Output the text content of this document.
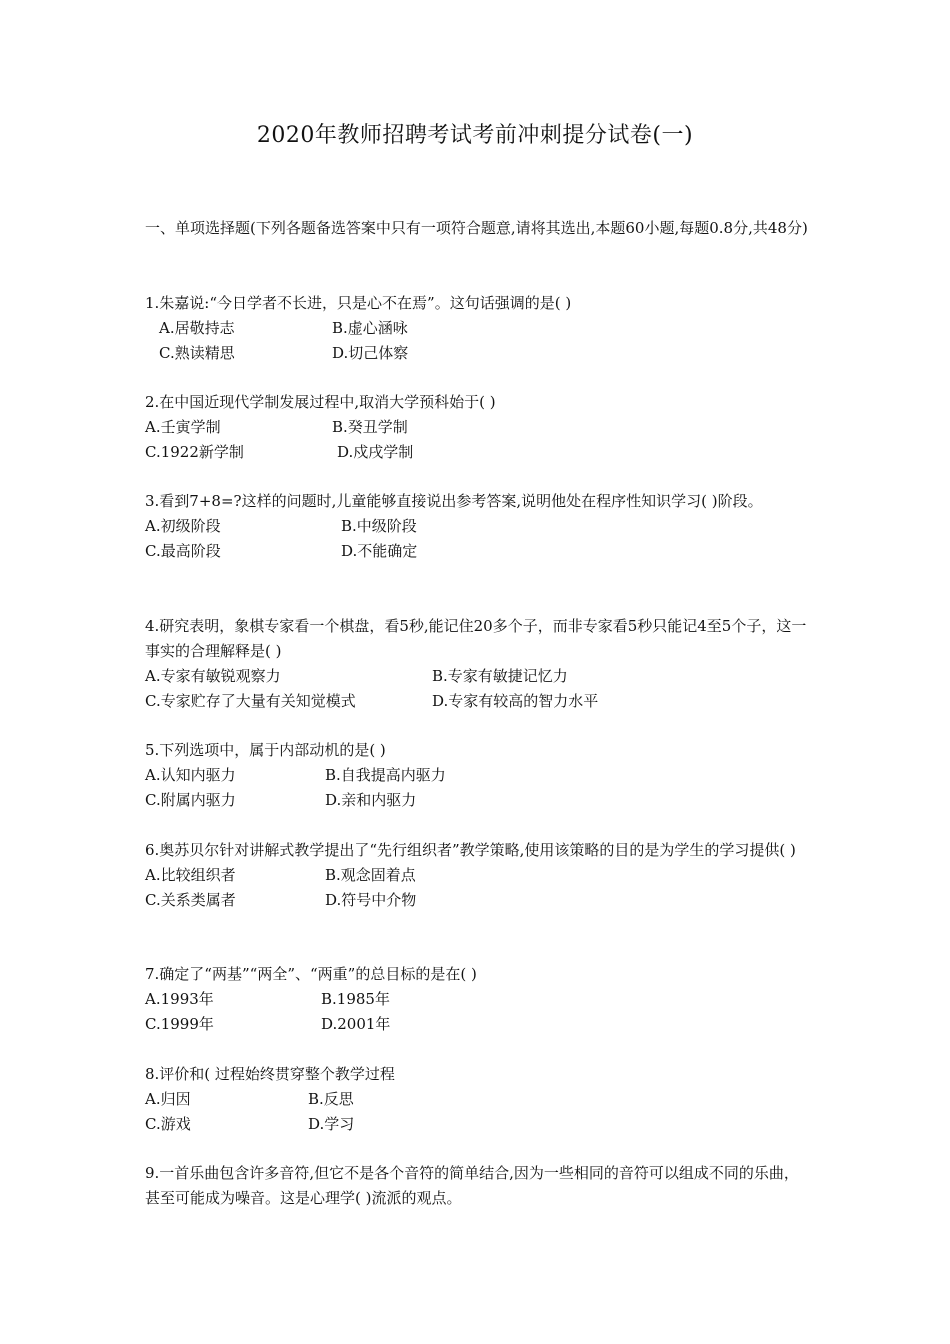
2020年教师招聘考试考前冲刺提分试卷(一)
一、单项选择题(下列各题备选答案中只有一项符合题意,请将其选出,本题60小题,每题0.8分,共48分)
1.朱嘉说:“今日学者不长进，只是心不在焉”。这句话强调的是( )
A.居敬持志	B.虚心涵咏
C.熟读精思	D.切己体察
2.在中国近现代学制发展过程中,取消大学预科始于( )
A.壬寅学制	B.癸丑学制
C.1922新学制	D.戍戌学制
3.看到7+8=?这样的问题时,儿童能够直接说出参考答案,说明他处在程序性知识学习( )阶段。
A.初级阶段	B.中级阶段
C.最高阶段	D.不能确定
4.研究表明，象棋专家看一个棋盘，看5秒,能记住20多个子，而非专家看5秒只能记4至5个子，这一事实的合理解释是( )
A.专家有敏锐观察力	B.专家有敏捷记忆力
C.专家贮存了大量有关知觉模式	D.专家有较高的智力水平
5.下列选项中，属于内部动机的是( )
A.认知内驱力	B.自我提高内驱力
C.附属内驱力	D.亲和内驱力
6.奥苏贝尔针对讲解式教学提出了“先行组织者”教学策略,使用该策略的目的是为学生的学习提供( )
A.比较组织者	B.观念固着点
C.关系类属者	D.符号中介物
7.确定了“两基”“两全”、“两重”的总目标的是在( )
A.1993年	B.1985年
C.1999年	D.2001年
8.评价和( 过程始终贯穿整个教学过程
A.归因	B.反思
C.游戏	D.学习
9.一首乐曲包含许多音符,但它不是各个音符的简单结合,因为一些相同的音符可以组成不同的乐曲，甚至可能成为噪音。这是心理学( )流派的观点。
